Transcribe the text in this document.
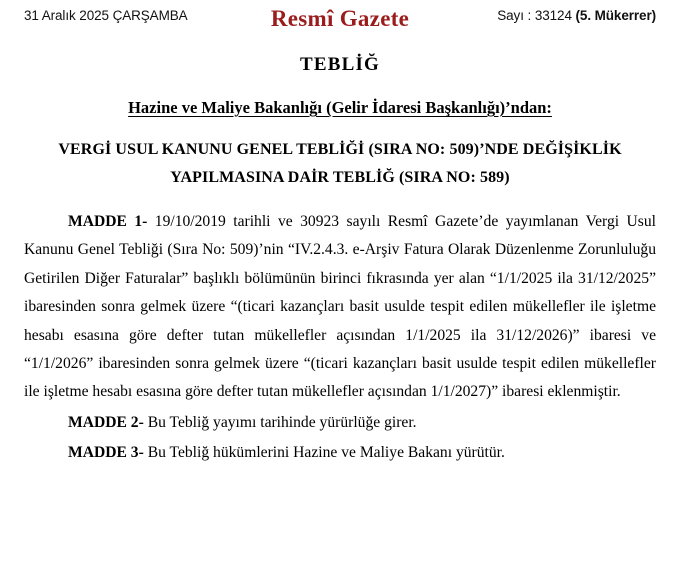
31 Aralık 2025 ÇARŞAMBA	Resmî Gazete	Sayı : 33124 (5. Mükerrer)
TEBLİĞ
Hazine ve Maliye Bakanlığı (Gelir İdaresi Başkanlığı)’ndan:
VERGİ USUL KANUNU GENEL TEBLİĞİ (SIRA NO: 509)’NDE DEĞİŞİKLİK
YAPILMASINA DAİR TEBLİĞ (SIRA NO: 589)

MADDE 1- 19/10/2019 tarihli ve 30923 sayılı Resmî Gazete’de yayımlanan Vergi Usul Kanunu Genel Tebliği (Sıra No: 509)’nin “IV.2.4.3. e-Arşiv Fatura Olarak Düzenlenme Zorunluluğu Getirilen Diğer Faturalar” başlıklı bölümünün birinci fıkrasında yer alan “1/1/2025 ila 31/12/2025” ibaresinden sonra gelmek üzere “(ticari kazançları basit usulde tespit edilen mükellefler ile işletme hesabı esasına göre defter tutan mükellefler açısından 1/1/2025 ila 31/12/2026)” ibaresi ve “1/1/2026” ibaresinden sonra gelmek üzere “(ticari kazançları basit usulde tespit edilen mükellefler ile işletme hesabı esasına göre defter tutan mükellefler açısından 1/1/2027)” ibaresi eklenmiştir.

MADDE 2- Bu Tebliğ yayımı tarihinde yürürlüğe girer.

MADDE 3- Bu Tebliğ hükümlerini Hazine ve Maliye Bakanı yürütür.
